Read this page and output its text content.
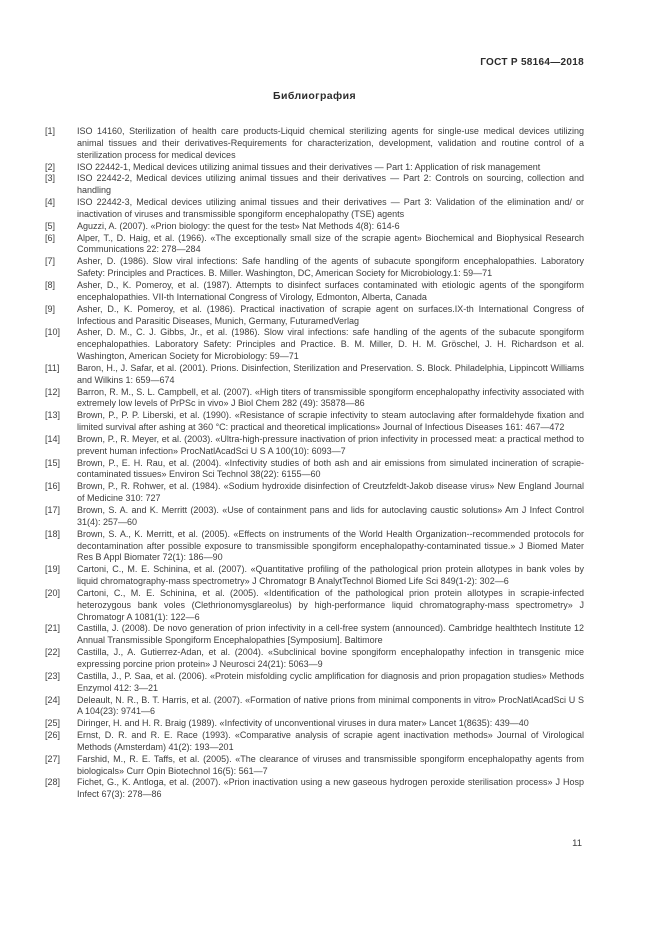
ГОСТ Р 58164—2018
Библиография
[1]	ISO 14160, Sterilization of health care products-Liquid chemical sterilizing agents for single-use medical devices utilizing animal tissues and their derivatives-Requirements for characterization, development, validation and routine control of a sterilization process for medical devices
[2]	ISO 22442-1, Medical devices utilizing animal tissues and their derivatives — Part 1: Application of risk management
[3]	ISO 22442-2, Medical devices utilizing animal tissues and their derivatives — Part 2: Controls on sourcing, collection and handling
[4]	ISO 22442-3, Medical devices utilizing animal tissues and their derivatives — Part 3: Validation of the elimination and/ or inactivation of viruses and transmissible spongiform encephalopathy (TSE) agents
[5]	Aguzzi, A. (2007). «Prion biology: the quest for the test» Nat Methods 4(8): 614-6
[6]	Alper, T., D. Haig, et al. (1966). «The exceptionally small size of the scrapie agent» Biochemical and Biophysical Research Communications 22: 278—284
[7]	Asher, D. (1986). Slow viral infections: Safe handling of the agents of subacute spongiform encephalopathies. Laboratory Safety: Principles and Practices. B. Miller. Washington, DC, American Society for Microbiology.1: 59—71
[8]	Asher, D., K. Pomeroy, et al. (1987). Attempts to disinfect surfaces contaminated with etiologic agents of the spongiform encephalopathies. VII-th International Congress of Virology, Edmonton, Alberta, Canada
[9]	Asher, D., K. Pomeroy, et al. (1986). Practical inactivation of scrapie agent on surfaces.IX-th International Congress of Infectious and Parasitic Diseases, Munich, Germany, FuturamedVerlag
[10]	Asher, D. M., C. J. Gibbs, Jr., et al. (1986). Slow viral infections: safe handling of the agents of the subacute spongiform encephalopathies. Laboratory Safety: Principles and Practice. B. M. Miller, D. H. M. Gröschel, J. H. Richardson et al. Washington, American Society for Microbiology: 59—71
[11]	Baron, H., J. Safar, et al. (2001). Prions. Disinfection, Sterilization and Preservation. S. Block. Philadelphia, Lippincott Williams and Wilkins 1: 659—674
[12]	Barron, R. M., S. L. Campbell, et al. (2007). «High titers of transmissible spongiform encephalopathy infectivity associated with extremely low levels of PrPSc in vivo» J Biol Chem 282 (49): 35878—86
[13]	Brown, P., P. P. Liberski, et al. (1990). «Resistance of scrapie infectivity to steam autoclaving after formaldehyde fixation and limited survival after ashing at 360 °C: practical and theoretical implications» Journal of Infectious Diseases 161: 467—472
[14]	Brown, P., R. Meyer, et al. (2003). «Ultra-high-pressure inactivation of prion infectivity in processed meat: a practical method to prevent human infection» ProcNatlAcadSci U S A 100(10): 6093—7
[15]	Brown, P., E. H. Rau, et al. (2004). «Infectivity studies of both ash and air emissions from simulated incineration of scrapie-contaminated tissues» Environ Sci Technol 38(22): 6155—60
[16]	Brown, P., R. Rohwer, et al. (1984). «Sodium hydroxide disinfection of Creutzfeldt-Jakob disease virus» New England Journal of Medicine 310: 727
[17]	Brown, S. A. and K. Merritt (2003). «Use of containment pans and lids for autoclaving caustic solutions» Am J Infect Control 31(4): 257—60
[18]	Brown, S. A., K. Merritt, et al. (2005). «Effects on instruments of the World Health Organization--recommended protocols for decontamination after possible exposure to transmissible spongiform encephalopathy-contaminated tissue.» J Biomed Mater Res B Appl Biomater 72(1): 186—90
[19]	Cartoni, C., M. E. Schinina, et al. (2007). «Quantitative profiling of the pathological prion protein allotypes in bank voles by liquid chromatography-mass spectrometry» J Chromatogr B AnalytTechnol Biomed Life Sci 849(1-2): 302—6
[20]	Cartoni, C., M. E. Schinina, et al. (2005). «Identification of the pathological prion protein allotypes in scrapie-infected heterozygous bank voles (Clethrionomysglareolus) by high-performance liquid chromatography-mass spectrometry» J Chromatogr A 1081(1): 122—6
[21]	Castilla, J. (2008). De novo generation of prion infectivity in a cell-free system (announced). Cambridge healthtech Institute 12 Annual Transmissible Spongiform Encephalopathies [Symposium]. Baltimore
[22]	Castilla, J., A. Gutierrez-Adan, et al. (2004). «Subclinical bovine spongiform encephalopathy infection in transgenic mice expressing porcine prion protein» J Neurosci 24(21): 5063—9
[23]	Castilla, J., P. Saa, et al. (2006). «Protein misfolding cyclic amplification for diagnosis and prion propagation studies» Methods Enzymol 412: 3—21
[24]	Deleault, N. R., B. T. Harris, et al. (2007). «Formation of native prions from minimal components in vitro» ProcNatlAcadSci U S A 104(23): 9741—6
[25]	Diringer, H. and H. R. Braig (1989). «Infectivity of unconventional viruses in dura mater» Lancet 1(8635): 439—40
[26]	Ernst, D. R. and R. E. Race (1993). «Comparative analysis of scrapie agent inactivation methods» Journal of Virological Methods (Amsterdam) 41(2): 193—201
[27]	Farshid, M., R. E. Taffs, et al. (2005). «The clearance of viruses and transmissible spongiform encephalopathy agents from biologicals» Curr Opin Biotechnol 16(5): 561—7
[28]	Fichet, G., K. Antloga, et al. (2007). «Prion inactivation using a new gaseous hydrogen peroxide sterilisation process» J Hosp Infect 67(3): 278—86
11
